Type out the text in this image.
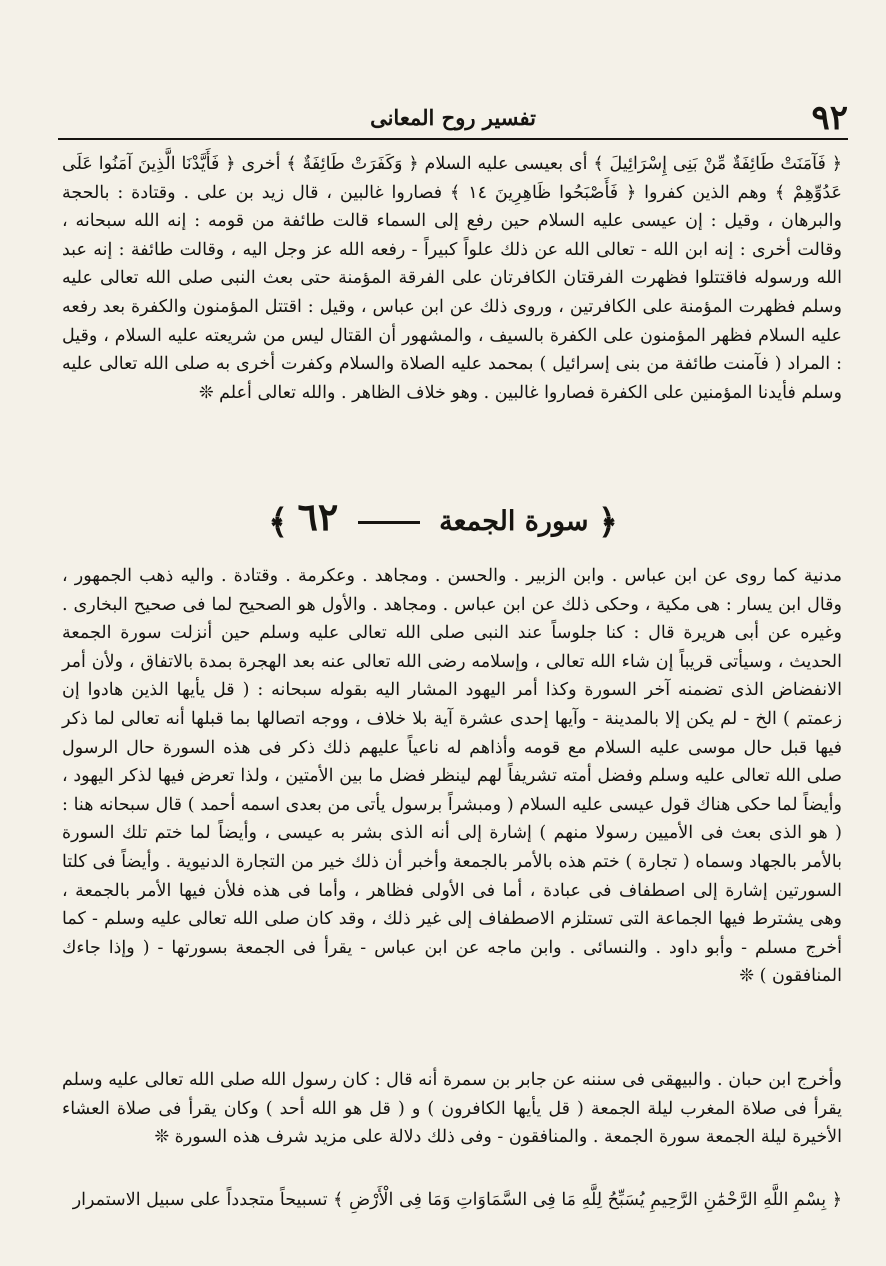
٩٢
تفسير روح المعانى

﴿ فَآمَنَتْ طَائِفَةٌ مِّنْ بَنِى إِسْرَائِيلَ ﴾ أى بعيسى عليه السلام ﴿ وَكَفَرَتْ طَائِفَةٌ ﴾ أخرى ﴿ فَأَيَّدْنَا الَّذِينَ آمَنُوا عَلَى عَدُوِّهِمْ ﴾ وهم الذين كفروا ﴿ فَأَصْبَحُوا ظَاهِرِينَ ١٤ ﴾ فصاروا غالبين ، قال زيد بن على . وقتادة : بالحجة والبرهان ، وقيل : إن عيسى عليه السلام حين رفع إلى السماء قالت طائفة من قومه : إنه الله سبحانه ، وقالت أخرى : إنه ابن الله - تعالى الله عن ذلك علواً كبيراً - رفعه الله عز وجل اليه ، وقالت طائفة : إنه عبد الله ورسوله فاقتتلوا فظهرت الفرقتان الكافرتان على الفرقة المؤمنة حتى بعث النبى صلى الله تعالى عليه وسلم فظهرت المؤمنة على الكافرتين ، وروى ذلك عن ابن عباس ، وقيل : اقتتل المؤمنون والكفرة بعد رفعه عليه السلام فظهر المؤمنون على الكفرة بالسيف ، والمشهور أن القتال ليس من شريعته عليه السلام ، وقيل : المراد ( فآمنت طائفة من بنى إسرائيل ) بمحمد عليه الصلاة والسلام وكفرت أخرى به صلى الله تعالى عليه وسلم فأيدنا المؤمنين على الكفرة فصاروا غالبين . وهو خلاف الظاهر . والله تعالى أعلم ❊

﴿ سورة الجمعة  ٦٢ ﴾

مدنية كما روى عن ابن عباس . وابن الزبير . والحسن . ومجاهد . وعكرمة . وقتادة . واليه ذهب الجمهور ، وقال ابن يسار : هى مكية ، وحكى ذلك عن ابن عباس . ومجاهد . والأول هو الصحيح لما فى صحيح البخارى . وغيره عن أبى هريرة قال : كنا جلوساً عند النبى صلى الله تعالى عليه وسلم حين أنزلت سورة الجمعة الحديث ، وسيأتى قريباً إن شاء الله تعالى ، وإسلامه رضى الله تعالى عنه بعد الهجرة بمدة بالاتفاق ، ولأن أمر الانفضاض الذى تضمنه آخر السورة وكذا أمر اليهود المشار اليه بقوله سبحانه : ( قل يأيها الذين هادوا إن زعمتم ) الخ - لم يكن إلا بالمدينة - وآيها إحدى عشرة آية بلا خلاف ، ووجه اتصالها بما قبلها أنه تعالى لما ذكر فيها قبل حال موسى عليه السلام مع قومه وأذاهم له ناعياً عليهم ذلك ذكر فى هذه السورة حال الرسول صلى الله تعالى عليه وسلم وفضل أمته تشريفاً لهم لينظر فضل ما بين الأمتين ، ولذا تعرض فيها لذكر اليهود ، وأيضاً لما حكى هناك قول عيسى عليه السلام ( ومبشراً برسول يأتى من بعدى اسمه أحمد ) قال سبحانه هنا : ( هو الذى بعث فى الأميين رسولا منهم ) إشارة إلى أنه الذى بشر به عيسى ، وأيضاً لما ختم تلك السورة بالأمر بالجهاد وسماه ( تجارة ) ختم هذه بالأمر بالجمعة وأخبر أن ذلك خير من التجارة الدنيوية . وأيضاً فى كلتا السورتين إشارة إلى اصطفاف فى عبادة ، أما فى الأولى فظاهر ، وأما فى هذه فلأن فيها الأمر بالجمعة ، وهى يشترط فيها الجماعة التى تستلزم الاصطفاف إلى غير ذلك ، وقد كان صلى الله تعالى عليه وسلم - كما أخرج مسلم - وأبو داود . والنسائى . وابن ماجه عن ابن عباس - يقرأ فى الجمعة بسورتها - ( وإذا جاءك المنافقون ) ❊

وأخرج ابن حبان . والبيهقى فى سننه عن جابر بن سمرة أنه قال : كان رسول الله صلى الله تعالى عليه وسلم يقرأ فى صلاة المغرب ليلة الجمعة ( قل يأيها الكافرون ) و ( قل هو الله أحد ) وكان يقرأ فى صلاة العشاء الأخيرة ليلة الجمعة سورة الجمعة . والمنافقون - وفى ذلك دلالة على مزيد شرف هذه السورة ❊

﴿ بِسْمِ اللَّهِ الرَّحْمَٰنِ الرَّحِيمِ يُسَبِّحُ لِلَّهِ مَا فِى السَّمَاوَاتِ وَمَا فِى الْأَرْضِ ﴾ تسبيحاً متجدداً على سبيل الاستمرار
